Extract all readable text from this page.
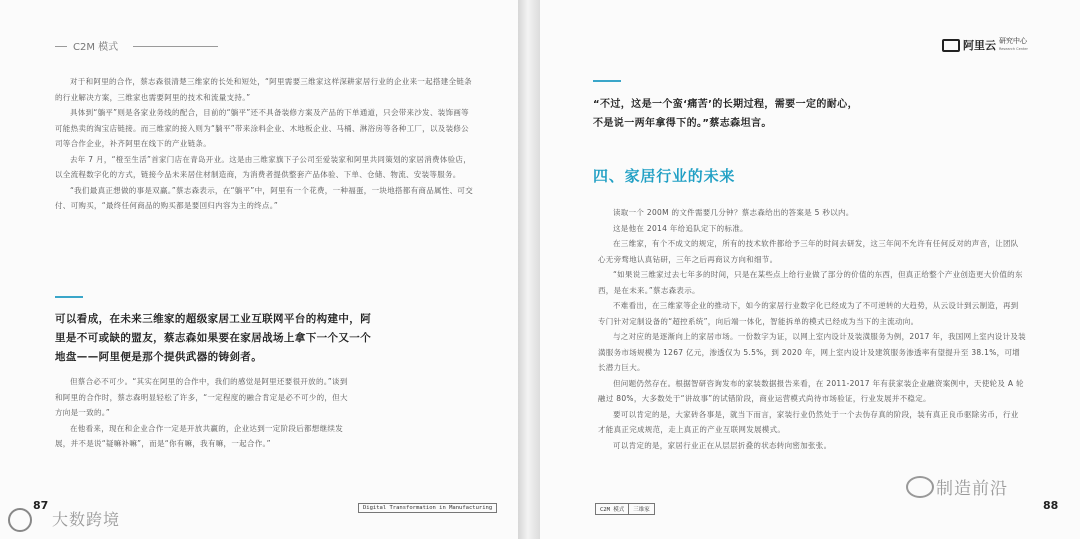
C2M 模式

对于和阿里的合作，蔡志森很清楚三维家的长处和短处，“阿里需要三维家这样深耕家居行业的企业来一起搭建全链条的行业解决方案，三维家也需要阿里的技术和流量支持。”

具体到“躺平”则是各家业务线的配合，目前的“躺平”还不具备装修方案及产品的下单通道，只会带来沙发、装饰画等可能热卖的淘宝店链接。而三维家的接入则为“躺平”带来涂料企业、木地板企业、马桶、淋浴房等各种工厂，以及装修公司等合作企业，补齐阿里在线下的产业链条。

去年 7 月，“橙至生活”首家门店在青岛开业。这是由三维家旗下子公司至爱装家和阿里共同策划的家居消费体验店，以全流程数字化的方式，链接今品未来居住材制造商，为消费者提供整套产品体验、下单、仓储、物流、安装等服务。

“我们最真正想做的事是双赢。”蔡志森表示，在“躺平”中，阿里有一个花费，一种福蛋，一块地搭都有商品属性、可交付、可购买，“最终任何商品的购买都是要回归内容为主的终点。”

可以看成，在未来三维家的超级家居工业互联网平台的构建中，阿里是不可或缺的盟友，蔡志森如果要在家居战场上拿下一个又一个地盘——阿里便是那个提供武器的铸剑者。

但蔡合必不可少。“其实在阿里的合作中，我们的感觉是阿里还要很开放的。”谈到和阿里的合作时，蔡志森明显轻松了许多，“一定程度的融合肯定是必不可少的，但大方向是一致的。”

在他看来，现在和企业合作一定是开放共赢的，企业达到一定阶段后都想继续发展，并不是说“疑嘛补嘛”，而是“你有嘛，我有嘛，一起合作。”

大数跨境
87	Digital Transformation in Manufacturing
阿里云 研究中心
Research Center
“不过，这是一个蛮‘痛苦’的长期过程，需要一定的耐心，不是说一两年拿得下的。”蔡志森坦言。
四、家居行业的未来

读取一个 200M 的文件需要几分钟？蔡志森给出的答案是 5 秒以内。

这是他在 2014 年给追队定下的标准。

在三维家，有个不成文的规定，所有的技术软件都给予三年的时间去研发，这三年间不允许有任何反对的声音，让团队心无旁骛地认真钻研，三年之后再商议方向和细节。

“如果说三维家过去七年多的时间，只是在某些点上给行业做了部分的价值的东西，但真正给整个产业创造更大价值的东西，是在未来。”蔡志森表示。

不难看出，在三维家等企业的推动下，如今的家居行业数字化已经成为了不可逆转的大趋势，从云设计到云制造，再到专门针对定制设备的“超控系统”，向后端一体化，智能拆单的模式已经成为当下的主流动向。

与之对应的是逐渐向上的家居市场。一份数字为证，以网上室内设计及装潢服务为例，2017 年，我国网上室内设计及装潢服务市场规模为 1267 亿元，渗透仅为 5.5%，到 2020 年，网上室内设计及建筑服务渗透率有望提升至 38.1%，可增长潜力巨大。

但问题仍然存在。根据智研咨询发布的家装数据报告来看，在 2011-2017 年有获家装企业融资案例中，天使轮及 A 轮融过 80%，大多数处于“讲故事”的试错阶段，商业运营模式尚待市场验证，行业发展并不稳定。

要可以肯定的是，大家砖各事是，就当下而言，家装行业仍然处于一个去伪存真的阶段，装有真正良币驱除劣币，行业才能真正完成规范，走上真正的产业互联网发展模式。

可以肯定的是，家居行业正在从层层折叠的状态转向密加张张。

C2M 模式	三维家
制造前沿
88
